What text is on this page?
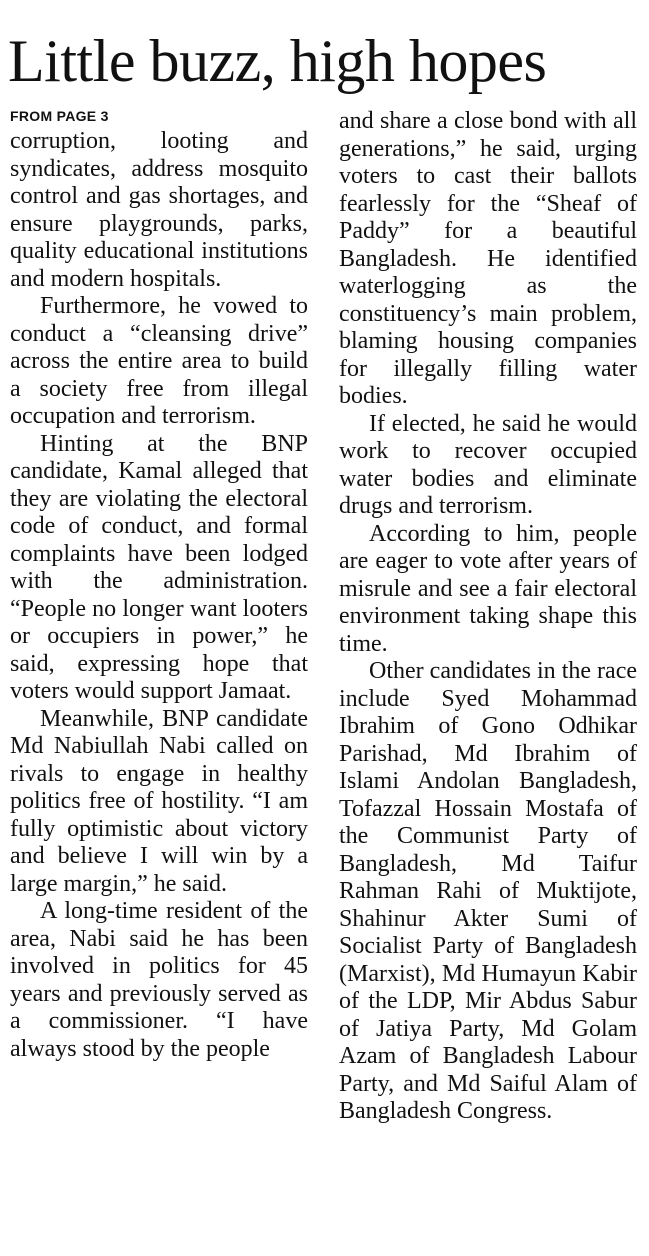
Little buzz, high hopes
FROM PAGE 3

corruption, looting and syndicates, address mosquito control and gas shortages, and ensure playgrounds, parks, quality educational institutions and modern hospitals.

Furthermore, he vowed to conduct a “cleansing drive” across the entire area to build a society free from illegal occupation and terrorism.

Hinting at the BNP candidate, Kamal alleged that they are violating the electoral code of conduct, and formal complaints have been lodged with the administration. “People no longer want looters or occupiers in power,” he said, expressing hope that voters would support Jamaat.

Meanwhile, BNP candidate Md Nabiullah Nabi called on rivals to engage in healthy politics free of hostility. “I am fully optimistic about victory and believe I will win by a large margin,” he said.

A long-time resident of the area, Nabi said he has been involved in politics for 45 years and previously served as a commissioner. “I have always stood by the people

and share a close bond with all generations,” he said, urging voters to cast their ballots fearlessly for the “Sheaf of Paddy” for a beautiful Bangladesh. He identified waterlogging as the constituency’s main problem, blaming housing companies for illegally filling water bodies.

If elected, he said he would work to recover occupied water bodies and eliminate drugs and terrorism.

According to him, people are eager to vote after years of misrule and see a fair electoral environment taking shape this time.

Other candidates in the race include Syed Mohammad Ibrahim of Gono Odhikar Parishad, Md Ibrahim of Islami Andolan Bangladesh, Tofazzal Hossain Mostafa of the Communist Party of Bangladesh, Md Taifur Rahman Rahi of Muktijote, Shahinur Akter Sumi of Socialist Party of Bangladesh (Marxist), Md Humayun Kabir of the LDP, Mir Abdus Sabur of Jatiya Party, Md Golam Azam of Bangladesh Labour Party, and Md Saiful Alam of Bangladesh Congress.
